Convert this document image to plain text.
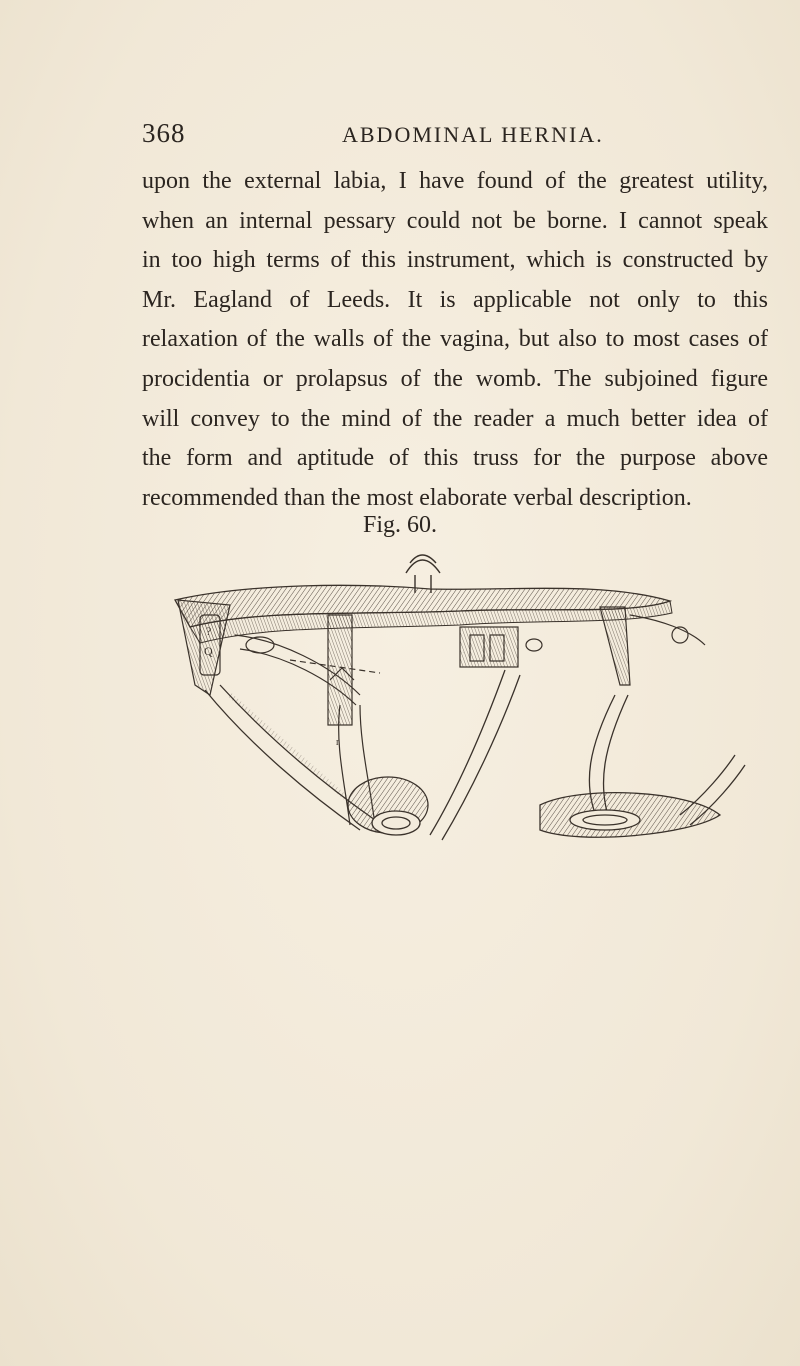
368	ABDOMINAL HERNIA.
upon the external labia, I have found of the greatest utility,
when an internal pessary could not be borne. I cannot speak
in too high terms of this instrument, which is constructed by
Mr. Eagland of Leeds. It is applicable not only to this
relaxation of the walls of the vagina, but also to most cases of
procidentia or prolapsus of the womb. The subjoined figure
will convey to the mind of the reader a much better idea of
the form and aptitude of this truss for the purpose above
recommended than the most elaborate verbal description.

Fig. 60.

?
Q
r
